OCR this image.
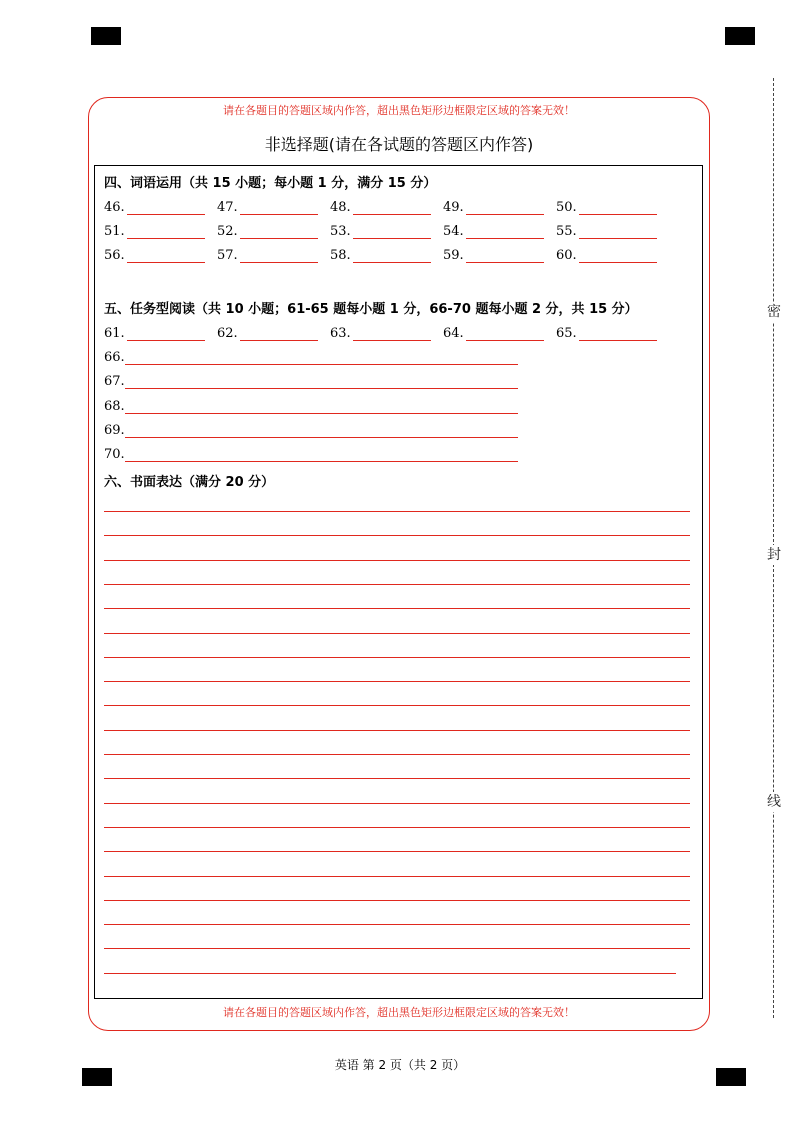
密
封
线
请在各题目的答题区域内作答，超出黑色矩形边框限定区域的答案无效！
请在各题目的答题区域内作答，超出黑色矩形边框限定区域的答案无效！
非选择题(请在各试题的答题区内作答)
四、词语运用（共 15 小题；每小题 1 分，满分 15 分）
46.	47.	48.	49.	50.
51.	52.	53.	54.	55.
56.	57.	58.	59.	60.
五、任务型阅读（共 10 小题；61-65 题每小题 1 分，66-70 题每小题 2 分，共 15 分）
61.	62.	63.	64.	65.
66.
67.
68.
69.
70.
六、书面表达（满分 20 分）
英语 第 2 页（共 2 页）
